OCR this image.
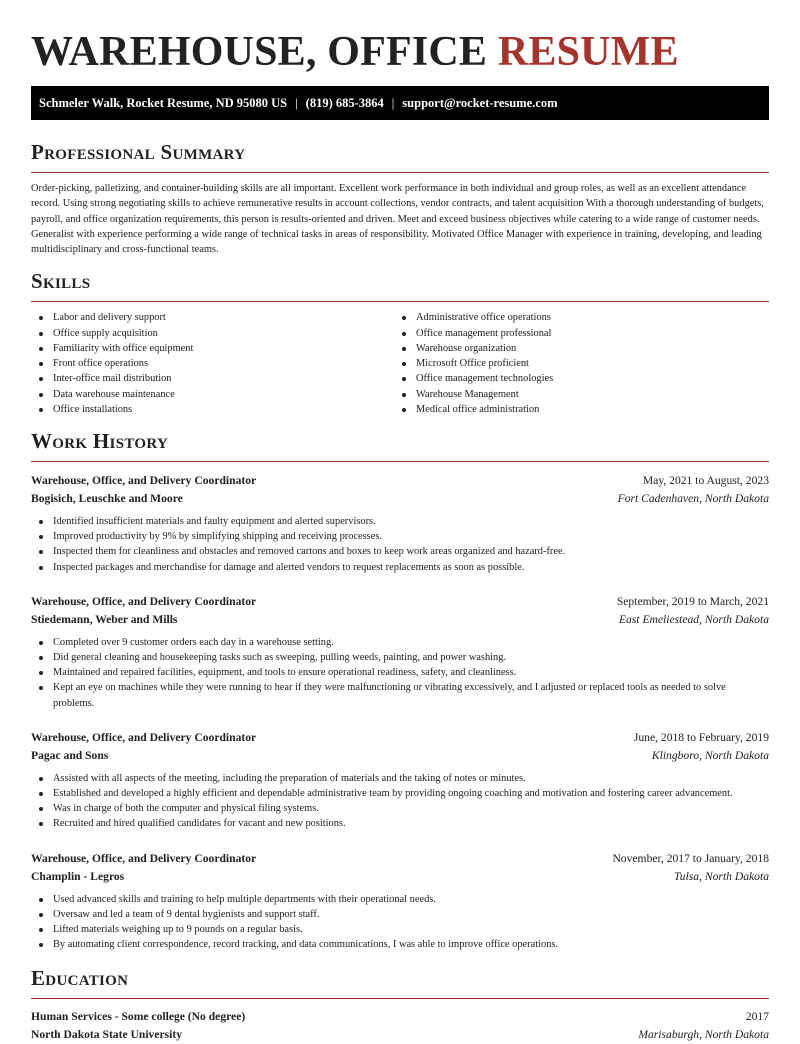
WAREHOUSE, OFFICE RESUME
Schmeler Walk, Rocket Resume, ND 95080 US | (819) 685-3864 | support@rocket-resume.com
Professional Summary

Order-picking, palletizing, and container-building skills are all important. Excellent work performance in both individual and group roles, as well as an excellent attendance record. Using strong negotiating skills to achieve remunerative results in account collections, vendor contracts, and talent acquisition With a thorough understanding of budgets, payroll, and office organization requirements, this person is results-oriented and driven. Meet and exceed business objectives while catering to a wide range of customer needs. Generalist with experience performing a wide range of technical tasks in areas of responsibility. Motivated Office Manager with experience in training, developing, and leading multidisciplinary and cross-functional teams.

Skills
Labor and delivery support
Office supply acquisition
Familiarity with office equipment
Front office operations
Inter-office mail distribution
Data warehouse maintenance
Office installations
Administrative office operations
Office management professional
Warehouse organization
Microsoft Office proficient
Office management technologies
Warehouse Management
Medical office administration
Work History
Warehouse, Office, and Delivery Coordinator	May, 2021 to August, 2023
Bogisich, Leuschke and Moore	Fort Cadenhaven, North Dakota
Identified insufficient materials and faulty equipment and alerted supervisors.
Improved productivity by 9% by simplifying shipping and receiving processes.
Inspected them for cleanliness and obstacles and removed cartons and boxes to keep work areas organized and hazard-free.
Inspected packages and merchandise for damage and alerted vendors to request replacements as soon as possible.
Warehouse, Office, and Delivery Coordinator	September, 2019 to March, 2021
Stiedemann, Weber and Mills	East Emeliestead, North Dakota
Completed over 9 customer orders each day in a warehouse setting.
Did general cleaning and housekeeping tasks such as sweeping, pulling weeds, painting, and power washing.
Maintained and repaired facilities, equipment, and tools to ensure operational readiness, safety, and cleanliness.
Kept an eye on machines while they were running to hear if they were malfunctioning or vibrating excessively, and I adjusted or replaced tools as needed to solve problems.
Warehouse, Office, and Delivery Coordinator	June, 2018 to February, 2019
Pagac and Sons	Klingboro, North Dakota
Assisted with all aspects of the meeting, including the preparation of materials and the taking of notes or minutes.
Established and developed a highly efficient and dependable administrative team by providing ongoing coaching and motivation and fostering career advancement.
Was in charge of both the computer and physical filing systems.
Recruited and hired qualified candidates for vacant and new positions.
Warehouse, Office, and Delivery Coordinator	November, 2017 to January, 2018
Champlin - Legros	Tulsa, North Dakota
Used advanced skills and training to help multiple departments with their operational needs.
Oversaw and led a team of 9 dental hygienists and support staff.
Lifted materials weighing up to 9 pounds on a regular basis.
By automating client correspondence, record tracking, and data communications, I was able to improve office operations.
Education
Human Services - Some college (No degree)	2017
North Dakota State University	Marisaburgh, North Dakota
